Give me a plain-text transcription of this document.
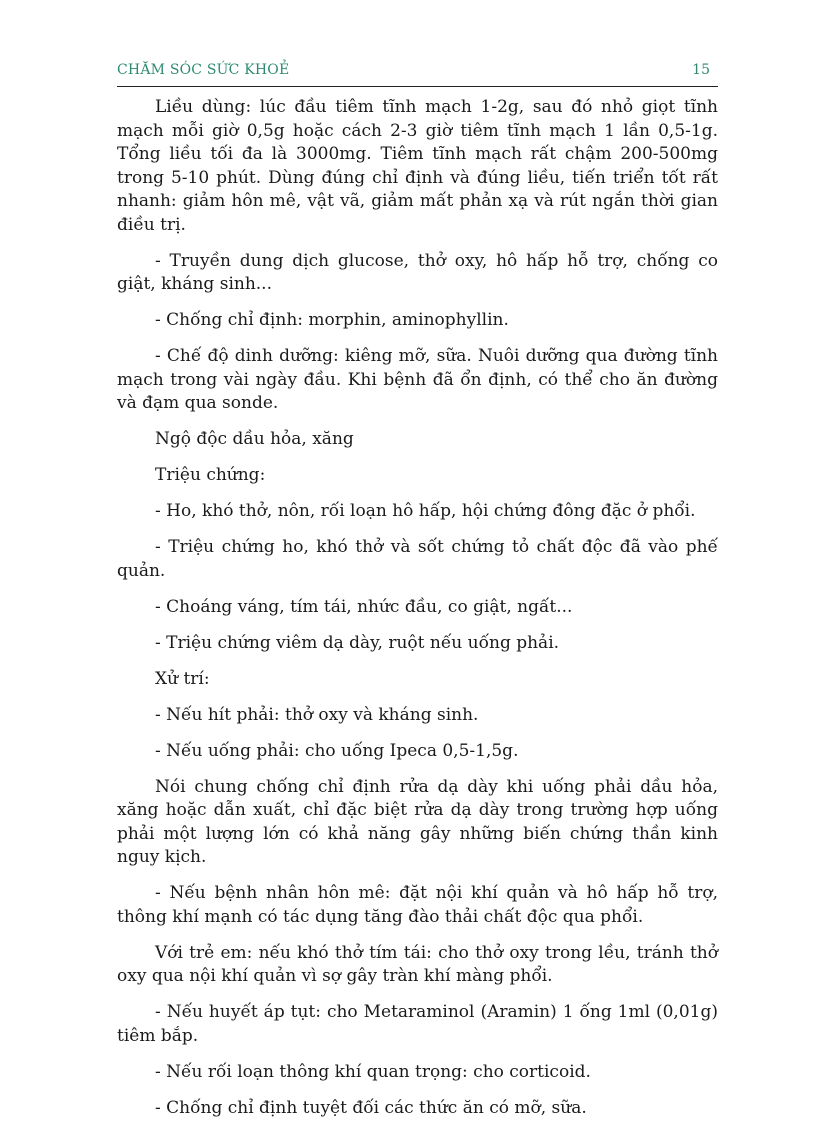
CHĂM SÓC SỨC KHOẺ	15

Liều dùng: lúc đầu tiêm tĩnh mạch 1-2g, sau đó nhỏ giọt tĩnh mạch mỗi giờ 0,5g hoặc cách 2-3 giờ tiêm tĩnh mạch 1 lần 0,5-1g. Tổng liều tối đa là 3000mg. Tiêm tĩnh mạch rất chậm 200-500mg trong 5-10 phút. Dùng đúng chỉ định và đúng liều, tiến triển tốt rất nhanh: giảm hôn mê, vật vã, giảm mất phản xạ và rút ngắn thời gian điều trị.

- Truyền dung dịch glucose, thở oxy, hô hấp hỗ trợ, chống co giật, kháng sinh...

- Chống chỉ định: morphin, aminophyllin.

- Chế độ dinh dưỡng: kiêng mỡ, sữa. Nuôi dưỡng qua đường tĩnh mạch trong vài ngày đầu. Khi bệnh đã ổn định, có thể cho ăn đường và đạm qua sonde.

Ngộ độc dầu hỏa, xăng

Triệu chứng:

- Ho, khó thở, nôn, rối loạn hô hấp, hội chứng đông đặc ở phổi.

- Triệu chứng ho, khó thở và sốt chứng tỏ chất độc đã vào phế quản.

- Choáng váng, tím tái, nhức đầu, co giật, ngất...

- Triệu chứng viêm dạ dày, ruột nếu uống phải.

Xử trí:

- Nếu hít phải: thở oxy và kháng sinh.

- Nếu uống phải: cho uống Ipeca 0,5-1,5g.

Nói chung chống chỉ định rửa dạ dày khi uống phải dầu hỏa, xăng hoặc dẫn xuất, chỉ đặc biệt rửa dạ dày trong trường hợp uống phải một lượng lớn có khả năng gây những biến chứng thần kinh nguy kịch.

- Nếu bệnh nhân hôn mê: đặt nội khí quản và hô hấp hỗ trợ, thông khí mạnh có tác dụng tăng đào thải chất độc qua phổi.

Với trẻ em: nếu khó thở tím tái: cho thở oxy trong lều, tránh thở oxy qua nội khí quản vì sợ gây tràn khí màng phổi.

- Nếu huyết áp tụt: cho Metaraminol (Aramin) 1 ống 1ml (0,01g) tiêm bắp.

- Nếu rối loạn thông khí quan trọng: cho corticoid.

- Chống chỉ định tuyệt đối các thức ăn có mỡ, sữa.
